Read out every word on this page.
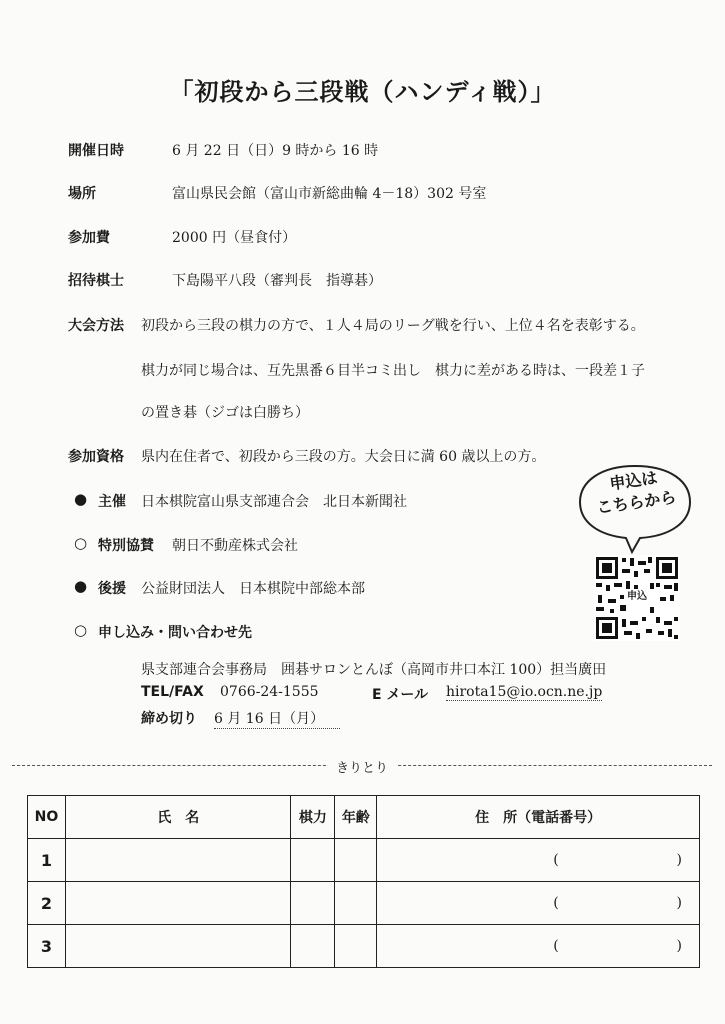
「初段から三段戦（ハンディ戦）」
開催日時	6 月 22 日（日）9 時から 16 時
場所	富山県民会館（富山市新総曲輪 4－18）302 号室
参加費	2000 円（昼食付）
招待棋士	下島陽平八段（審判長　指導碁）
大会方法 初段から三段の棋力の方で、１人４局のリーグ戦を行い、上位４名を表彰する。
棋力が同じ場合は、互先黒番６目半コミ出し　棋力に差がある時は、一段差１子
の置き碁（ジゴは白勝ち）
参加資格 県内在住者で、初段から三段の方。大会日に満 60 歳以上の方。
● 主催 日本棋院富山県支部連合会　北日本新聞社
○ 特別協賛 朝日不動産株式会社
● 後援 公益財団法人　日本棋院中部総本部
○ 申し込み・問い合わせ先
県支部連合会事務局　囲碁サロンとんぼ（高岡市井口本江 100）担当廣田
TEL/FAX 0766-24-1555	E メール hirota15@io.ocn.ne.jp
締め切り 6 月 16 日（月）
申込は
こちらから
申込
きりとり
NO	氏　名	棋力	年齢	住　所（電話番号）
1				( )

2				( )

3				( )
